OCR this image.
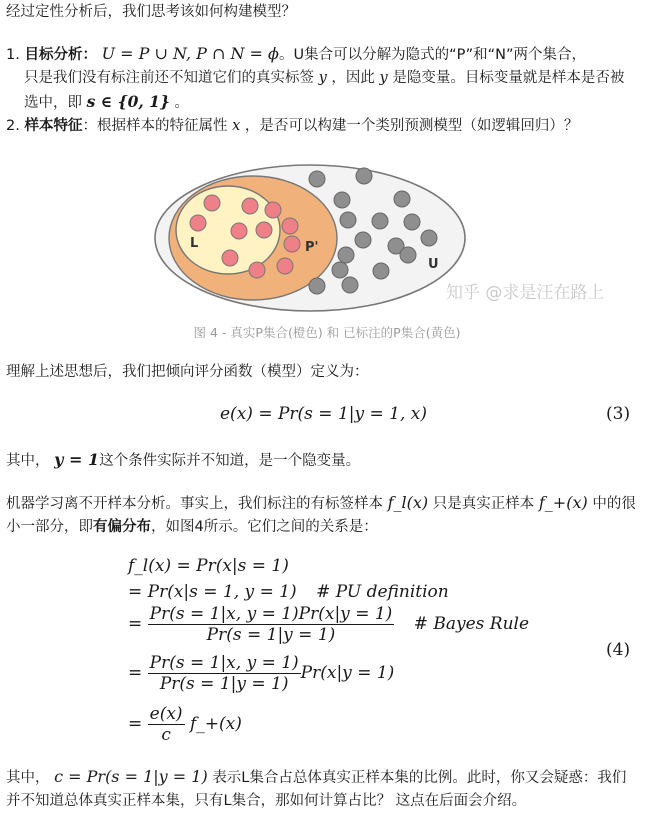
经过定性分析后，我们思考该如何构建模型？
1. 目标分析： U = P ∪ N, P ∩ N = ϕ。U集合可以分解为隐式的“P”和“N”两个集合，
只是我们没有标注前还不知道它们的真实标签 y ，因此 y 是隐变量。目标变量就是样本是否被
选中，即 s ∈ {0, 1} 。
2. 样本特征：根据样本的特征属性 x ，是否可以构建一个类别预测模型（如逻辑回归）？
L	P'
U
知乎 @求是汪在路上
图 4 - 真实P集合(橙色) 和 已标注的P集合(黄色)
理解上述思想后，我们把倾向评分函数（模型）定义为：
e(x) = Pr(s = 1|y = 1, x)	(3)
其中， y = 1这个条件实际并不知道，是一个隐变量。
机器学习离不开样本分析。事实上，我们标注的有标签样本 f_l(x) 只是真实正样本 f_+(x) 中的很
小一部分，即有偏分布，如图4所示。它们之间的关系是：
f_l(x) = Pr(x|s = 1)
= Pr(x|s = 1, y = 1) # PU definition
= $\frac{Pr(s = 1|x, y = 1)Pr(x|y = 1)}{Pr(s = 1|y = 1)}$ # Bayes Rule
= $\frac{Pr(s = 1|x, y = 1)}{Pr(s = 1|y = 1)} Pr(x|y = 1)$
= $\frac{e(x)}{c}$ f_+(x)
(4)
其中， c = Pr(s = 1|y = 1) 表示L集合占总体真实正样本集的比例。此时，你又会疑惑：我们
并不知道总体真实正样本集，只有L集合，那如何计算占比？ 这点在后面会介绍。
